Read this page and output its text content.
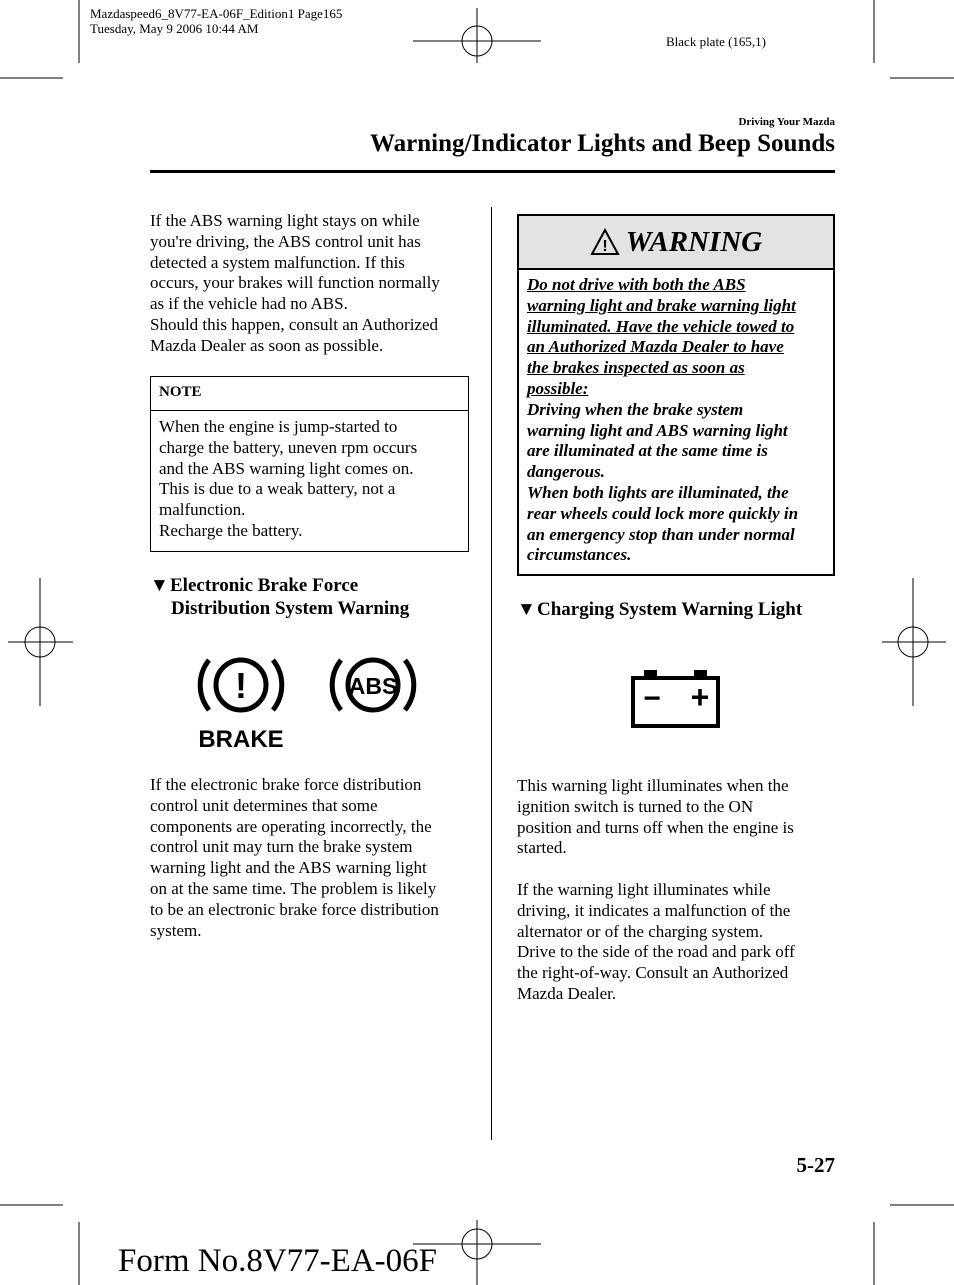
Mazdaspeed6_8V77-EA-06F_Edition1 Page165
Tuesday, May 9 2006 10:44 AM
Black plate (165,1)
Driving Your Mazda
Warning/Indicator Lights and Beep Sounds

If the ABS warning light stays on while
you're driving, the ABS control unit has
detected a system malfunction. If this
occurs, your brakes will function normally
as if the vehicle had no ABS.
Should this happen, consult an Authorized
Mazda Dealer as soon as possible.

NOTE
When the engine is jump-started to
charge the battery, uneven rpm occurs
and the ABS warning light comes on.
This is due to a weak battery, not a
malfunction.
Recharge the battery.
▼Electronic Brake Force
Distribution System Warning
!
BRAKE
ABS

If the electronic brake force distribution
control unit determines that some
components are operating incorrectly, the
control unit may turn the brake system
warning light and the ABS warning light
on at the same time. The problem is likely
to be an electronic brake force distribution
system.

! WARNING
Do not drive with both the ABS
warning light and brake warning light
illuminated. Have the vehicle towed to
an Authorized Mazda Dealer to have
the brakes inspected as soon as
possible:
Driving when the brake system
warning light and ABS warning light
are illuminated at the same time is
dangerous.
When both lights are illuminated, the
rear wheels could lock more quickly in
an emergency stop than under normal
circumstances.
▼Charging System Warning Light
− +

This warning light illuminates when the
ignition switch is turned to the ON
position and turns off when the engine is
started.

If the warning light illuminates while
driving, it indicates a malfunction of the
alternator or of the charging system.
Drive to the side of the road and park off
the right-of-way. Consult an Authorized
Mazda Dealer.

5-27
Form No.8V77-EA-06F
